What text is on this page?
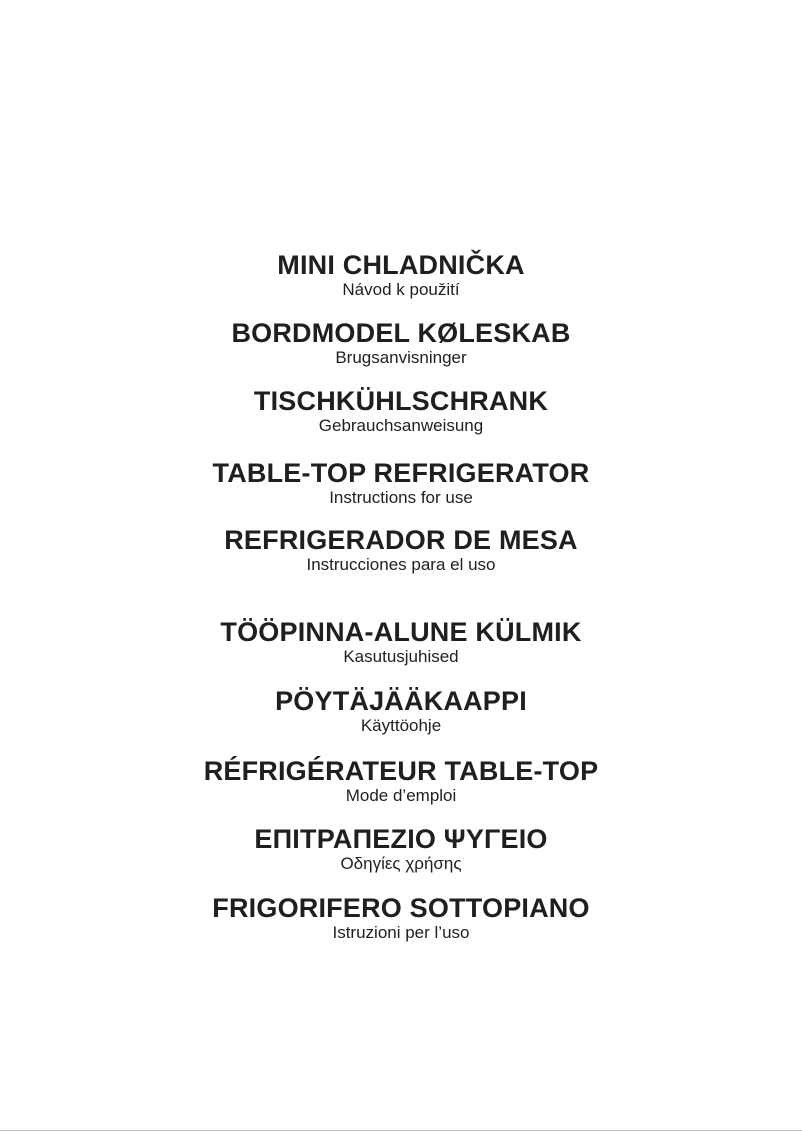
MINI CHLADNIČKA
Návod k použití
BORDMODEL KØLESKAB
Brugsanvisninger
TISCHKÜHLSCHRANK
Gebrauchsanweisung
TABLE-TOP REFRIGERATOR
Instructions for use
REFRIGERADOR DE MESA
Instrucciones para el uso
TÖÖPINNA-ALUNE KÜLMIK
Kasutusjuhised
PÖYTÄJÄÄKAAPPI
Käyttöohje
RÉFRIGÉRATEUR TABLE-TOP
Mode d’emploi
ΕΠΙΤΡΑΠΕΖΙΟ ΨΥΓΕΙΟ
Οδηγίες χρήσης
FRIGORIFERO SOTTOPIANO
Istruzioni per l’uso
